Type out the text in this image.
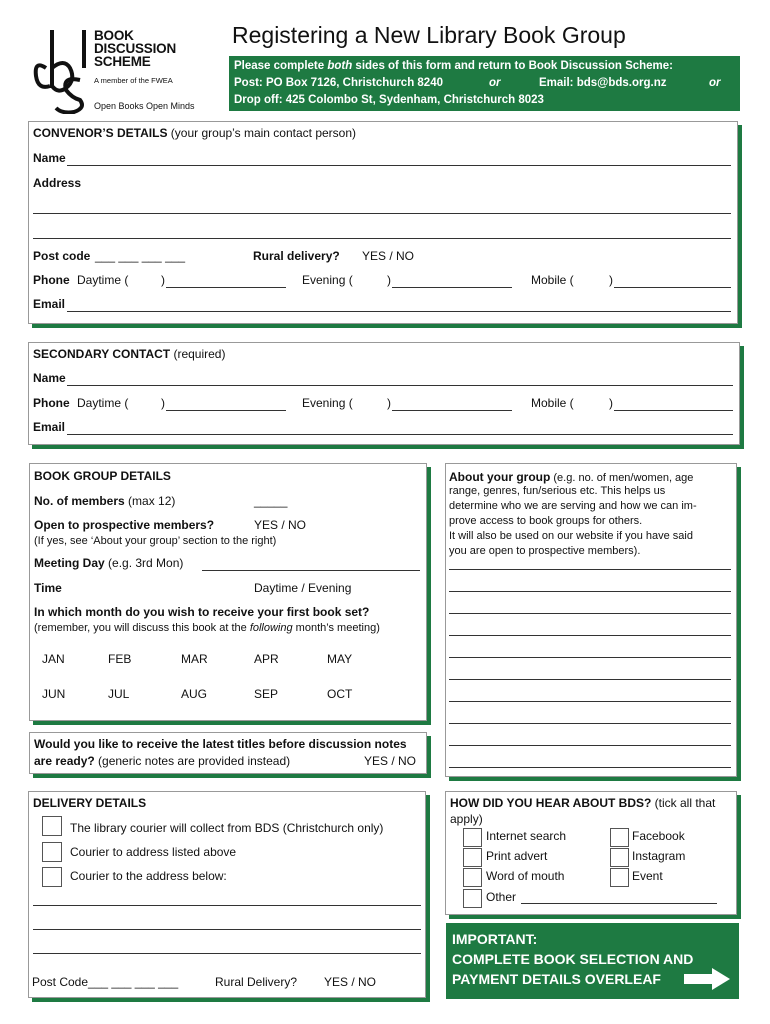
BOOK
DISCUSSION
SCHEME
A member of the FWEA
Open Books Open Minds
Registering a New Library Book Group
Please complete both sides of this form and return to Book Discussion Scheme:
Post: PO Box 7126, Christchurch 8240	or	Email: bds@bds.org.nz	or
Drop off: 425 Colombo St, Sydenham, Christchurch 8023
CONVENOR’S DETAILS (your group’s main contact person)
Name
Address
Post code ___ ___ ___ ___	Rural delivery? YES / NO
Phone Daytime (	)	Evening (	)	Mobile (	)
Email
SECONDARY CONTACT (required)
Name
Phone Daytime (	)	Evening (	)	Mobile (	)
Email
BOOK GROUP DETAILS
No. of members (max 12)	_____
Open to prospective members?	YES / NO
(If yes, see ‘About your group’ section to the right)
Meeting Day (e.g. 3rd Mon)
Time	Daytime / Evening
In which month do you wish to receive your first book set?
(remember, you will discuss this book at the following month’s meeting)
JAN	FEB	MAR	APR	MAY
JUN	JUL	AUG	SEP	OCT
About your group (e.g. no. of men/women, age
range, genres, fun/serious etc. This helps us
determine who we are serving and how we can im-
prove access to book groups for others.
It will also be used on our website if you have said
you are open to prospective members).
Would you like to receive the latest titles before discussion notes
are ready? (generic notes are provided instead)	YES / NO
DELIVERY DETAILS
The library courier will collect from BDS (Christchurch only)
Courier to address listed above
Courier to the address below:
Post Code___ ___ ___ ___	Rural Delivery? YES / NO
HOW DID YOU HEAR ABOUT BDS? (tick all that
apply)
Internet search	Facebook
Print advert	Instagram
Word of mouth	Event
Other
IMPORTANT:
COMPLETE BOOK SELECTION AND
PAYMENT DETAILS OVERLEAF
